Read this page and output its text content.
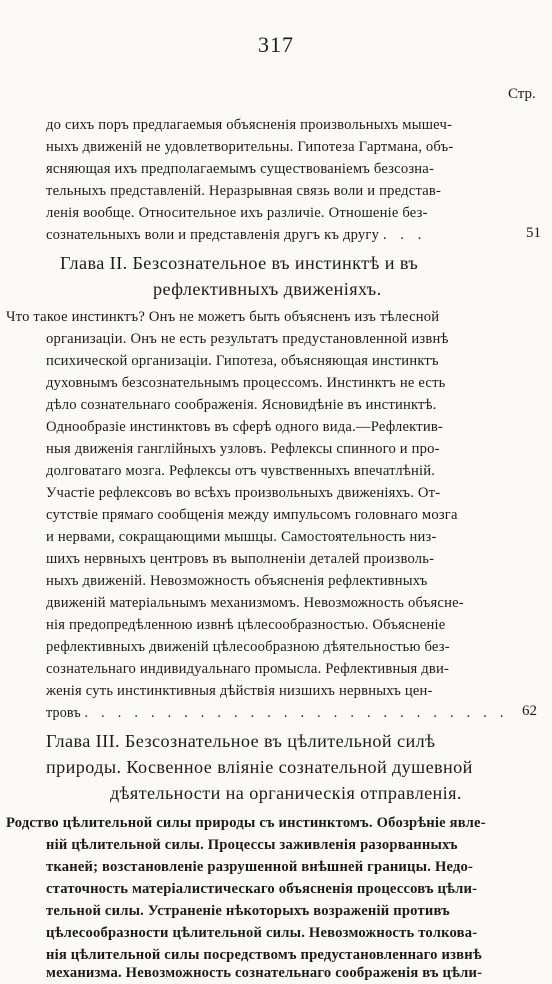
317
Стр.
до сихъ поръ предлагаемыя объясненія произвольныхъ мышеч-
ныхъ движеній не удовлетворительны. Гипотеза Гартмана, объ-
ясняющая ихъ предполагаемымъ существованіемъ безсозна-
тельныхъ представленій. Неразрывная связь воли и представ-
ленія вообще. Относительное ихъ различіе. Отношеніе без-
сознательныхъ воли и представленія другъ къ другу . . .	51
Глава II. Безсознательное въ инстинктѣ и въ
рефлективныхъ движеніяхъ.
Что такое инстинктъ? Онъ не можетъ быть объясненъ изъ тѣлесной
организаціи. Онъ не есть результатъ предустановленной извнѣ
психической организаціи. Гипотеза, объясняющая инстинктъ
духовнымъ безсознательнымъ процессомъ. Инстинктъ не есть
дѣло сознательнаго соображенія. Ясновидѣніе въ инстинктѣ.
Однообразіе инстинктовъ въ сферѣ одного вида.—Рефлектив-
ныя движенія ганглійныхъ узловъ. Рефлексы спинного и про-
долговатаго мозга. Рефлексы отъ чувственныхъ впечатлѣній.
Участіе рефлексовъ во всѣхъ произвольныхъ движеніяхъ. От-
сутствіе прямаго сообщенія между импульсомъ головнаго мозга
и нервами, сокращающими мышцы. Самостоятельность низ-
шихъ нервныхъ центровъ въ выполненіи деталей произволь-
ныхъ движеній. Невозможность объясненія рефлективныхъ
движеній матеріальнымъ механизмомъ. Невозможность объясне-
нія предопредѣленною извнѣ цѣлесообразностью. Объясненіе
рефлективныхъ движеній цѣлесообразною дѣятельностью без-
сознательнаго индивидуальнаго промысла. Рефлективныя дви-
женія суть инстинктивныя дѣйствія низшихъ нервныхъ цен-
тровъ . . . . . . . . . . . . . . . . . . . . . . . . . . 62
Глава III. Безсознательное въ цѣлительной силѣ
природы. Косвенное вліяніе сознательной душевной
дѣятельности на органическія отправленія.
Родство цѣлительной силы природы съ инстинктомъ. Обозрѣніе явле-
ній цѣлительной силы. Процессы заживленія разорванныхъ
тканей; возстановленіе разрушенной внѣшней границы. Недо-
статочность матеріалистическаго объясненія процессовъ цѣли-
тельной силы. Устраненіе нѣкоторыхъ возраженій противъ
цѣлесообразности цѣлительной силы. Невозможность толкова-
нія цѣлительной силы посредствомъ предустановленнаго извнѣ
механизма. Невозможность сознательнаго соображенія въ цѣли-
